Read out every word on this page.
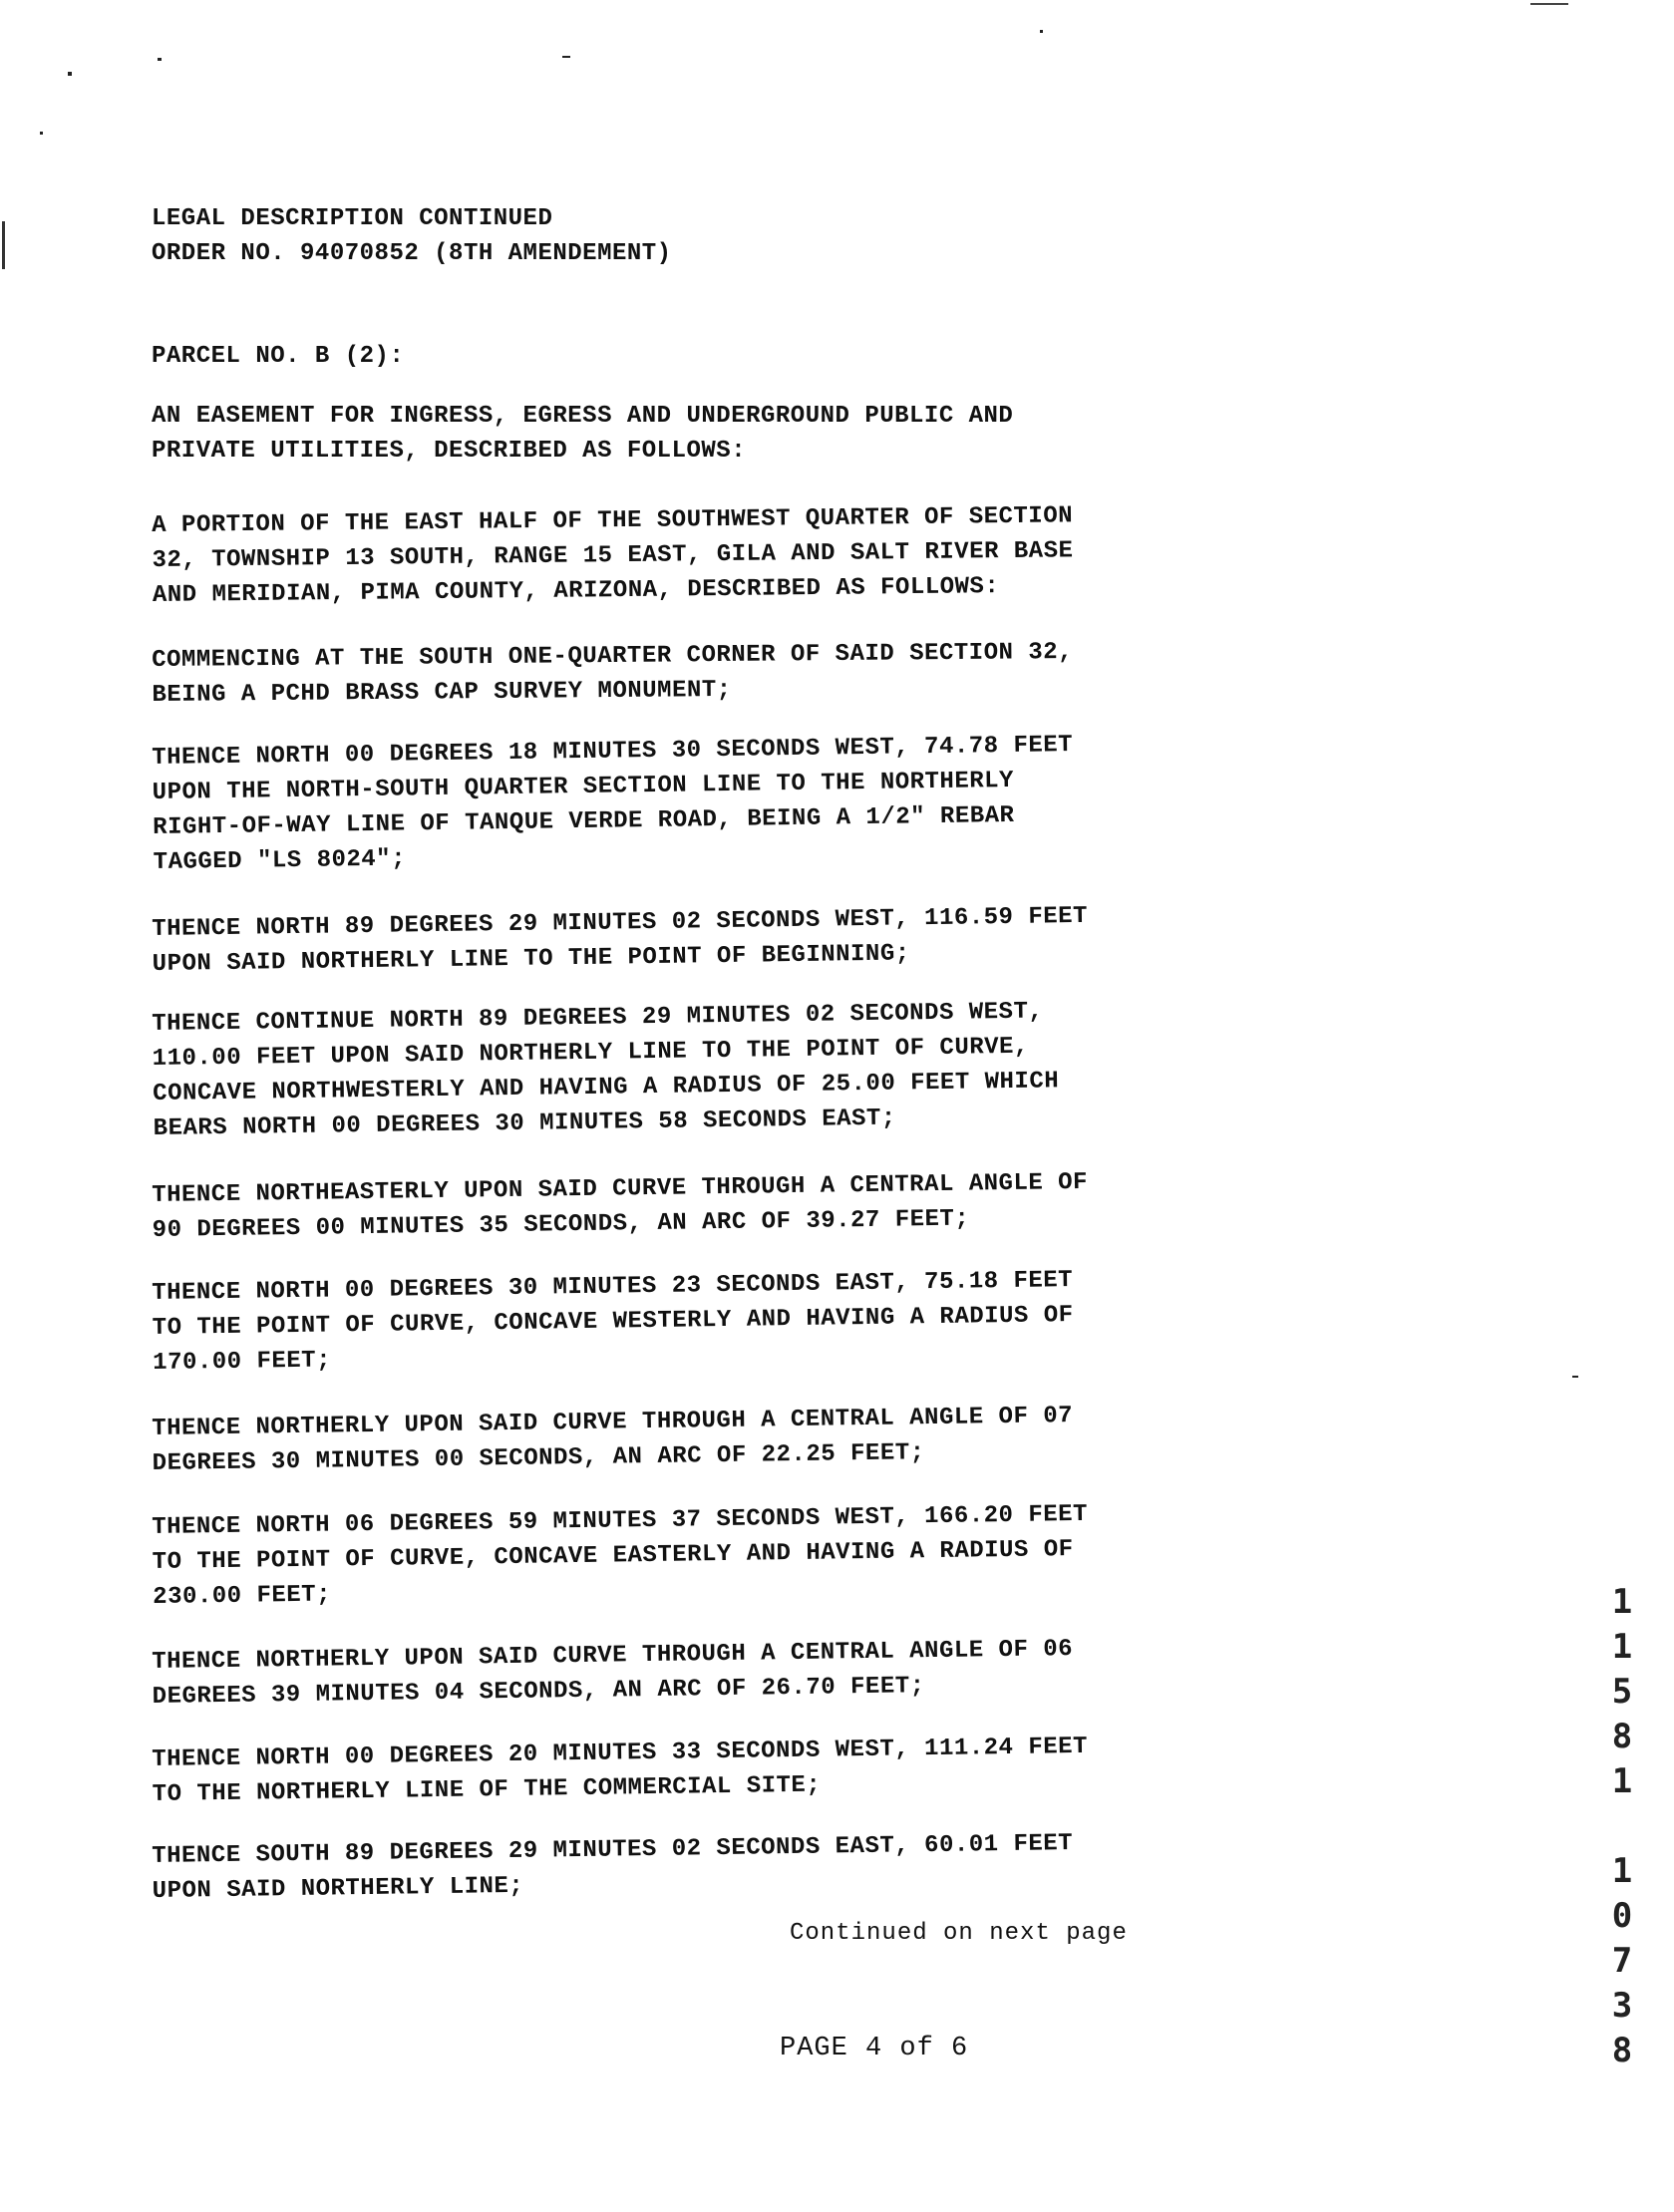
LEGAL DESCRIPTION CONTINUED
ORDER NO. 94070852 (8TH AMENDEMENT)
PARCEL NO. B (2):
AN EASEMENT FOR INGRESS, EGRESS AND UNDERGROUND PUBLIC AND
PRIVATE UTILITIES, DESCRIBED AS FOLLOWS:
A PORTION OF THE EAST HALF OF THE SOUTHWEST QUARTER OF SECTION
32, TOWNSHIP 13 SOUTH, RANGE 15 EAST, GILA AND SALT RIVER BASE
AND MERIDIAN, PIMA COUNTY, ARIZONA, DESCRIBED AS FOLLOWS:
COMMENCING AT THE SOUTH ONE-QUARTER CORNER OF SAID SECTION 32,
BEING A PCHD BRASS CAP SURVEY MONUMENT;
THENCE NORTH 00 DEGREES 18 MINUTES 30 SECONDS WEST, 74.78 FEET
UPON THE NORTH-SOUTH QUARTER SECTION LINE TO THE NORTHERLY
RIGHT-OF-WAY LINE OF TANQUE VERDE ROAD, BEING A 1/2" REBAR
TAGGED "LS 8024";
THENCE NORTH 89 DEGREES 29 MINUTES 02 SECONDS WEST, 116.59 FEET
UPON SAID NORTHERLY LINE TO THE POINT OF BEGINNING;
THENCE CONTINUE NORTH 89 DEGREES 29 MINUTES 02 SECONDS WEST,
110.00 FEET UPON SAID NORTHERLY LINE TO THE POINT OF CURVE,
CONCAVE NORTHWESTERLY AND HAVING A RADIUS OF 25.00 FEET WHICH
BEARS NORTH 00 DEGREES 30 MINUTES 58 SECONDS EAST;
THENCE NORTHEASTERLY UPON SAID CURVE THROUGH A CENTRAL ANGLE OF
90 DEGREES 00 MINUTES 35 SECONDS, AN ARC OF 39.27 FEET;
THENCE NORTH 00 DEGREES 30 MINUTES 23 SECONDS EAST, 75.18 FEET
TO THE POINT OF CURVE, CONCAVE WESTERLY AND HAVING A RADIUS OF
170.00 FEET;
THENCE NORTHERLY UPON SAID CURVE THROUGH A CENTRAL ANGLE OF 07
DEGREES 30 MINUTES 00 SECONDS, AN ARC OF 22.25 FEET;
THENCE NORTH 06 DEGREES 59 MINUTES 37 SECONDS WEST, 166.20 FEET
TO THE POINT OF CURVE, CONCAVE EASTERLY AND HAVING A RADIUS OF
230.00 FEET;
THENCE NORTHERLY UPON SAID CURVE THROUGH A CENTRAL ANGLE OF 06
DEGREES 39 MINUTES 04 SECONDS, AN ARC OF 26.70 FEET;
THENCE NORTH 00 DEGREES 20 MINUTES 33 SECONDS WEST, 111.24 FEET
TO THE NORTHERLY LINE OF THE COMMERCIAL SITE;
THENCE SOUTH 89 DEGREES 29 MINUTES 02 SECONDS EAST, 60.01 FEET
UPON SAID NORTHERLY LINE;
Continued on next page
PAGE 4 of 6
1
1
5
8
1

1
0
7
3
8
